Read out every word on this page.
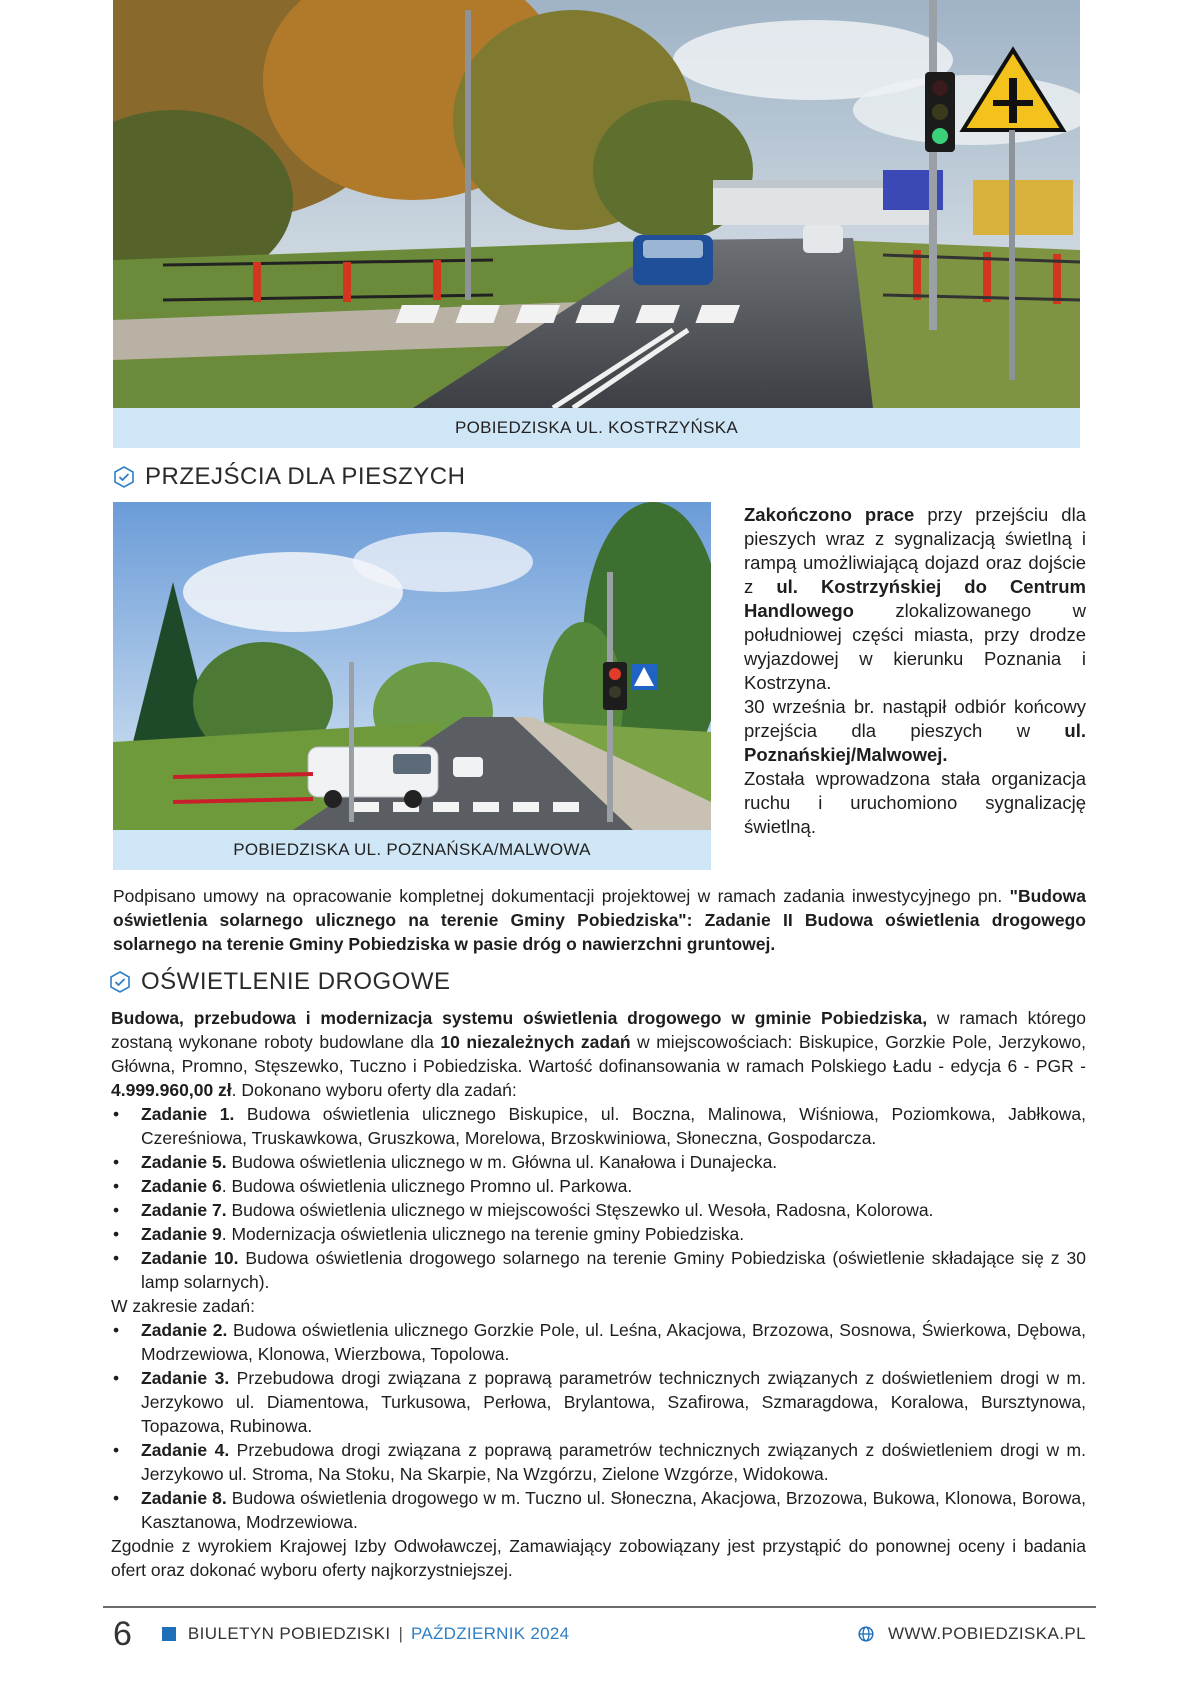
POBIEDZISKA UL. KOSTRZYŃSKA
PRZEJŚCIA DLA PIESZYCH
POBIEDZISKA UL. POZNAŃSKA/MALWOWA

Zakończono prace przy przejściu dla pieszych wraz z sygnalizacją świetlną i rampą umożliwiającą dojazd oraz dojście z ul. Kostrzyńskiej do Centrum Handlowego zlokalizowanego w południowej części miasta, przy drodze wyjazdowej w kierunku Poznania i Kostrzyna.

30 września br. nastąpił odbiór końcowy przejścia dla pieszych w ul. Poznańskiej/Malwowej.

Została wprowadzona stała organizacja ruchu i uruchomiono sygnalizację świetlną.

Podpisano umowy na opracowanie kompletnej dokumentacji projektowej w ramach zadania inwestycyjnego pn. "Budowa oświetlenia solarnego ulicznego na terenie Gminy Pobiedziska": Zadanie II Budowa oświetlenia drogowego solarnego na terenie Gminy Pobiedziska w pasie dróg o nawierzchni gruntowej.

OŚWIETLENIE DROGOWE

Budowa, przebudowa i modernizacja systemu oświetlenia drogowego w gminie Pobiedziska, w ramach którego zostaną wykonane roboty budowlane dla 10 niezależnych zadań w miejscowościach: Biskupice, Gorzkie Pole, Jerzykowo, Główna, Promno, Stęszewko, Tuczno i Pobiedziska. Wartość dofinansowania w ramach Polskiego Ładu - edycja 6 - PGR - 4.999.960,00 zł. Dokonano wyboru oferty dla zadań:

• Zadanie 1. Budowa oświetlenia ulicznego Biskupice, ul. Boczna, Malinowa, Wiśniowa, Poziomkowa, Jabłkowa, Czereśniowa, Truskawkowa, Gruszkowa, Morelowa, Brzoskwiniowa, Słoneczna, Gospodarcza.
• Zadanie 5. Budowa oświetlenia ulicznego w m. Główna ul. Kanałowa i Dunajecka.
• Zadanie 6. Budowa oświetlenia ulicznego Promno ul. Parkowa.
• Zadanie 7. Budowa oświetlenia ulicznego w miejscowości Stęszewko ul. Wesoła, Radosna, Kolorowa.
• Zadanie 9. Modernizacja oświetlenia ulicznego na terenie gminy Pobiedziska.
• Zadanie 10. Budowa oświetlenia drogowego solarnego na terenie Gminy Pobiedziska (oświetlenie składające się z 30 lamp solarnych).

W zakresie zadań:

• Zadanie 2. Budowa oświetlenia ulicznego Gorzkie Pole, ul. Leśna, Akacjowa, Brzozowa, Sosnowa, Świerkowa, Dębowa, Modrzewiowa, Klonowa, Wierzbowa, Topolowa.
• Zadanie 3. Przebudowa drogi związana z poprawą parametrów technicznych związanych z doświetleniem drogi w m. Jerzykowo ul. Diamentowa, Turkusowa, Perłowa, Brylantowa, Szafirowa, Szmaragdowa, Koralowa, Bursztynowa, Topazowa, Rubinowa.
• Zadanie 4. Przebudowa drogi związana z poprawą parametrów technicznych związanych z doświetleniem drogi w m. Jerzykowo ul. Stroma, Na Stoku, Na Skarpie, Na Wzgórzu, Zielone Wzgórze, Widokowa.
• Zadanie 8. Budowa oświetlenia drogowego w m. Tuczno ul. Słoneczna, Akacjowa, Brzozowa, Bukowa, Klonowa, Borowa, Kasztanowa, Modrzewiowa.

Zgodnie z wyrokiem Krajowej Izby Odwoławczej, Zamawiający zobowiązany jest przystąpić do ponownej oceny i badania ofert oraz dokonać wyboru oferty najkorzystniejszej.

6	BIULETYN POBIEDZISKI | PAŹDZIERNIK 2024	WWW.POBIEDZISKA.PL
